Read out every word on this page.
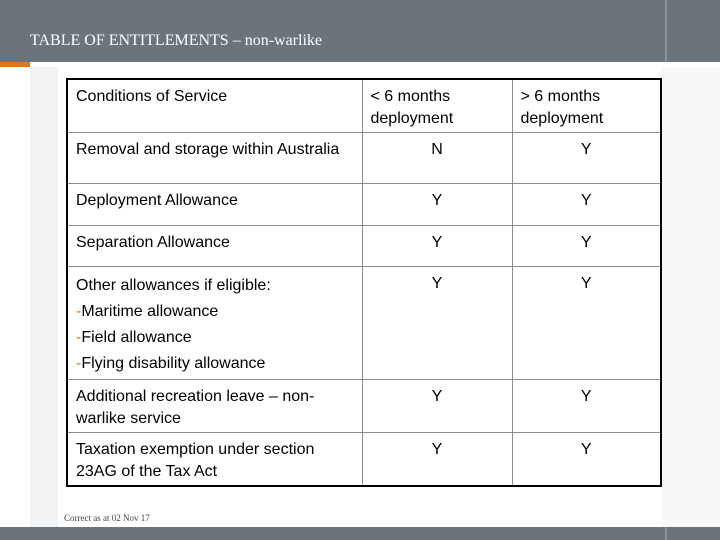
TABLE OF ENTITLEMENTS – non-warlike
Conditions of Service	< 6 months deployment	> 6 months deployment
Removal and storage within Australia	N	Y
Deployment Allowance	Y	Y
Separation Allowance	Y	Y

Other allowances if eligible:
-Maritime allowance
-Field allowance
-Flying disability allowance	Y	Y
Additional recreation leave – non-warlike service	Y	Y
Taxation exemption under section 23AG of the Tax Act	Y	Y
Correct as at 02 Nov 17
